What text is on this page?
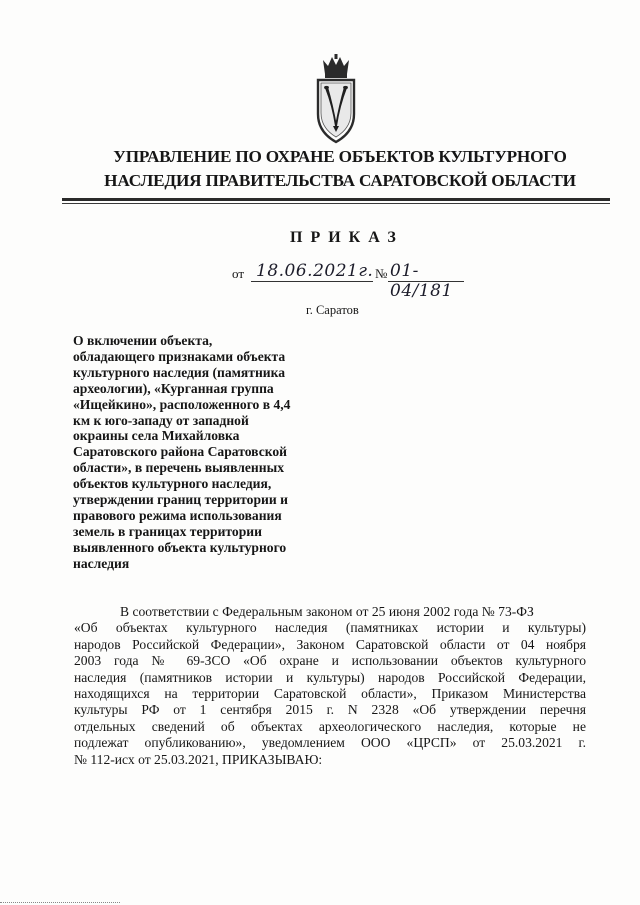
УПРАВЛЕНИЕ ПО ОХРАНЕ ОБЪЕКТОВ КУЛЬТУРНОГО
НАСЛЕДИЯ ПРАВИТЕЛЬСТВА САРАТОВСКОЙ ОБЛАСТИ
ПРИКАЗ
от 18.06.2021г. № 01-04/181
г. Саратов
О включении объекта,
обладающего признаками объекта
культурного наследия (памятника
археологии), «Курганная группа
«Ищейкино», расположенного в 4,4
км к юго-западу от западной
окраины села Михайловка
Саратовского района Саратовской
области», в перечень выявленных
объектов культурного наследия,
утверждении границ территории и
правового режима использования
земель в границах территории
выявленного объекта культурного
наследия
В соответствии с Федеральным законом от 25 июня 2002 года № 73-ФЗ
«Об объектах культурного наследия (памятниках истории и культуры)
народов Российской Федерации», Законом Саратовской области от 04 ноября
2003 года № 69-ЗСО «Об охране и использовании объектов культурного
наследия (памятников истории и культуры) народов Российской Федерации,
находящихся на территории Саратовской области», Приказом Министерства
культуры РФ от 1 сентября 2015 г. N 2328 «Об утверждении перечня
отдельных сведений об объектах археологического наследия, которые не
подлежат опубликованию», уведомлением ООО «ЦРСП» от 25.03.2021 г.
№ 112-исх от 25.03.2021, ПРИКАЗЫВАЮ:
